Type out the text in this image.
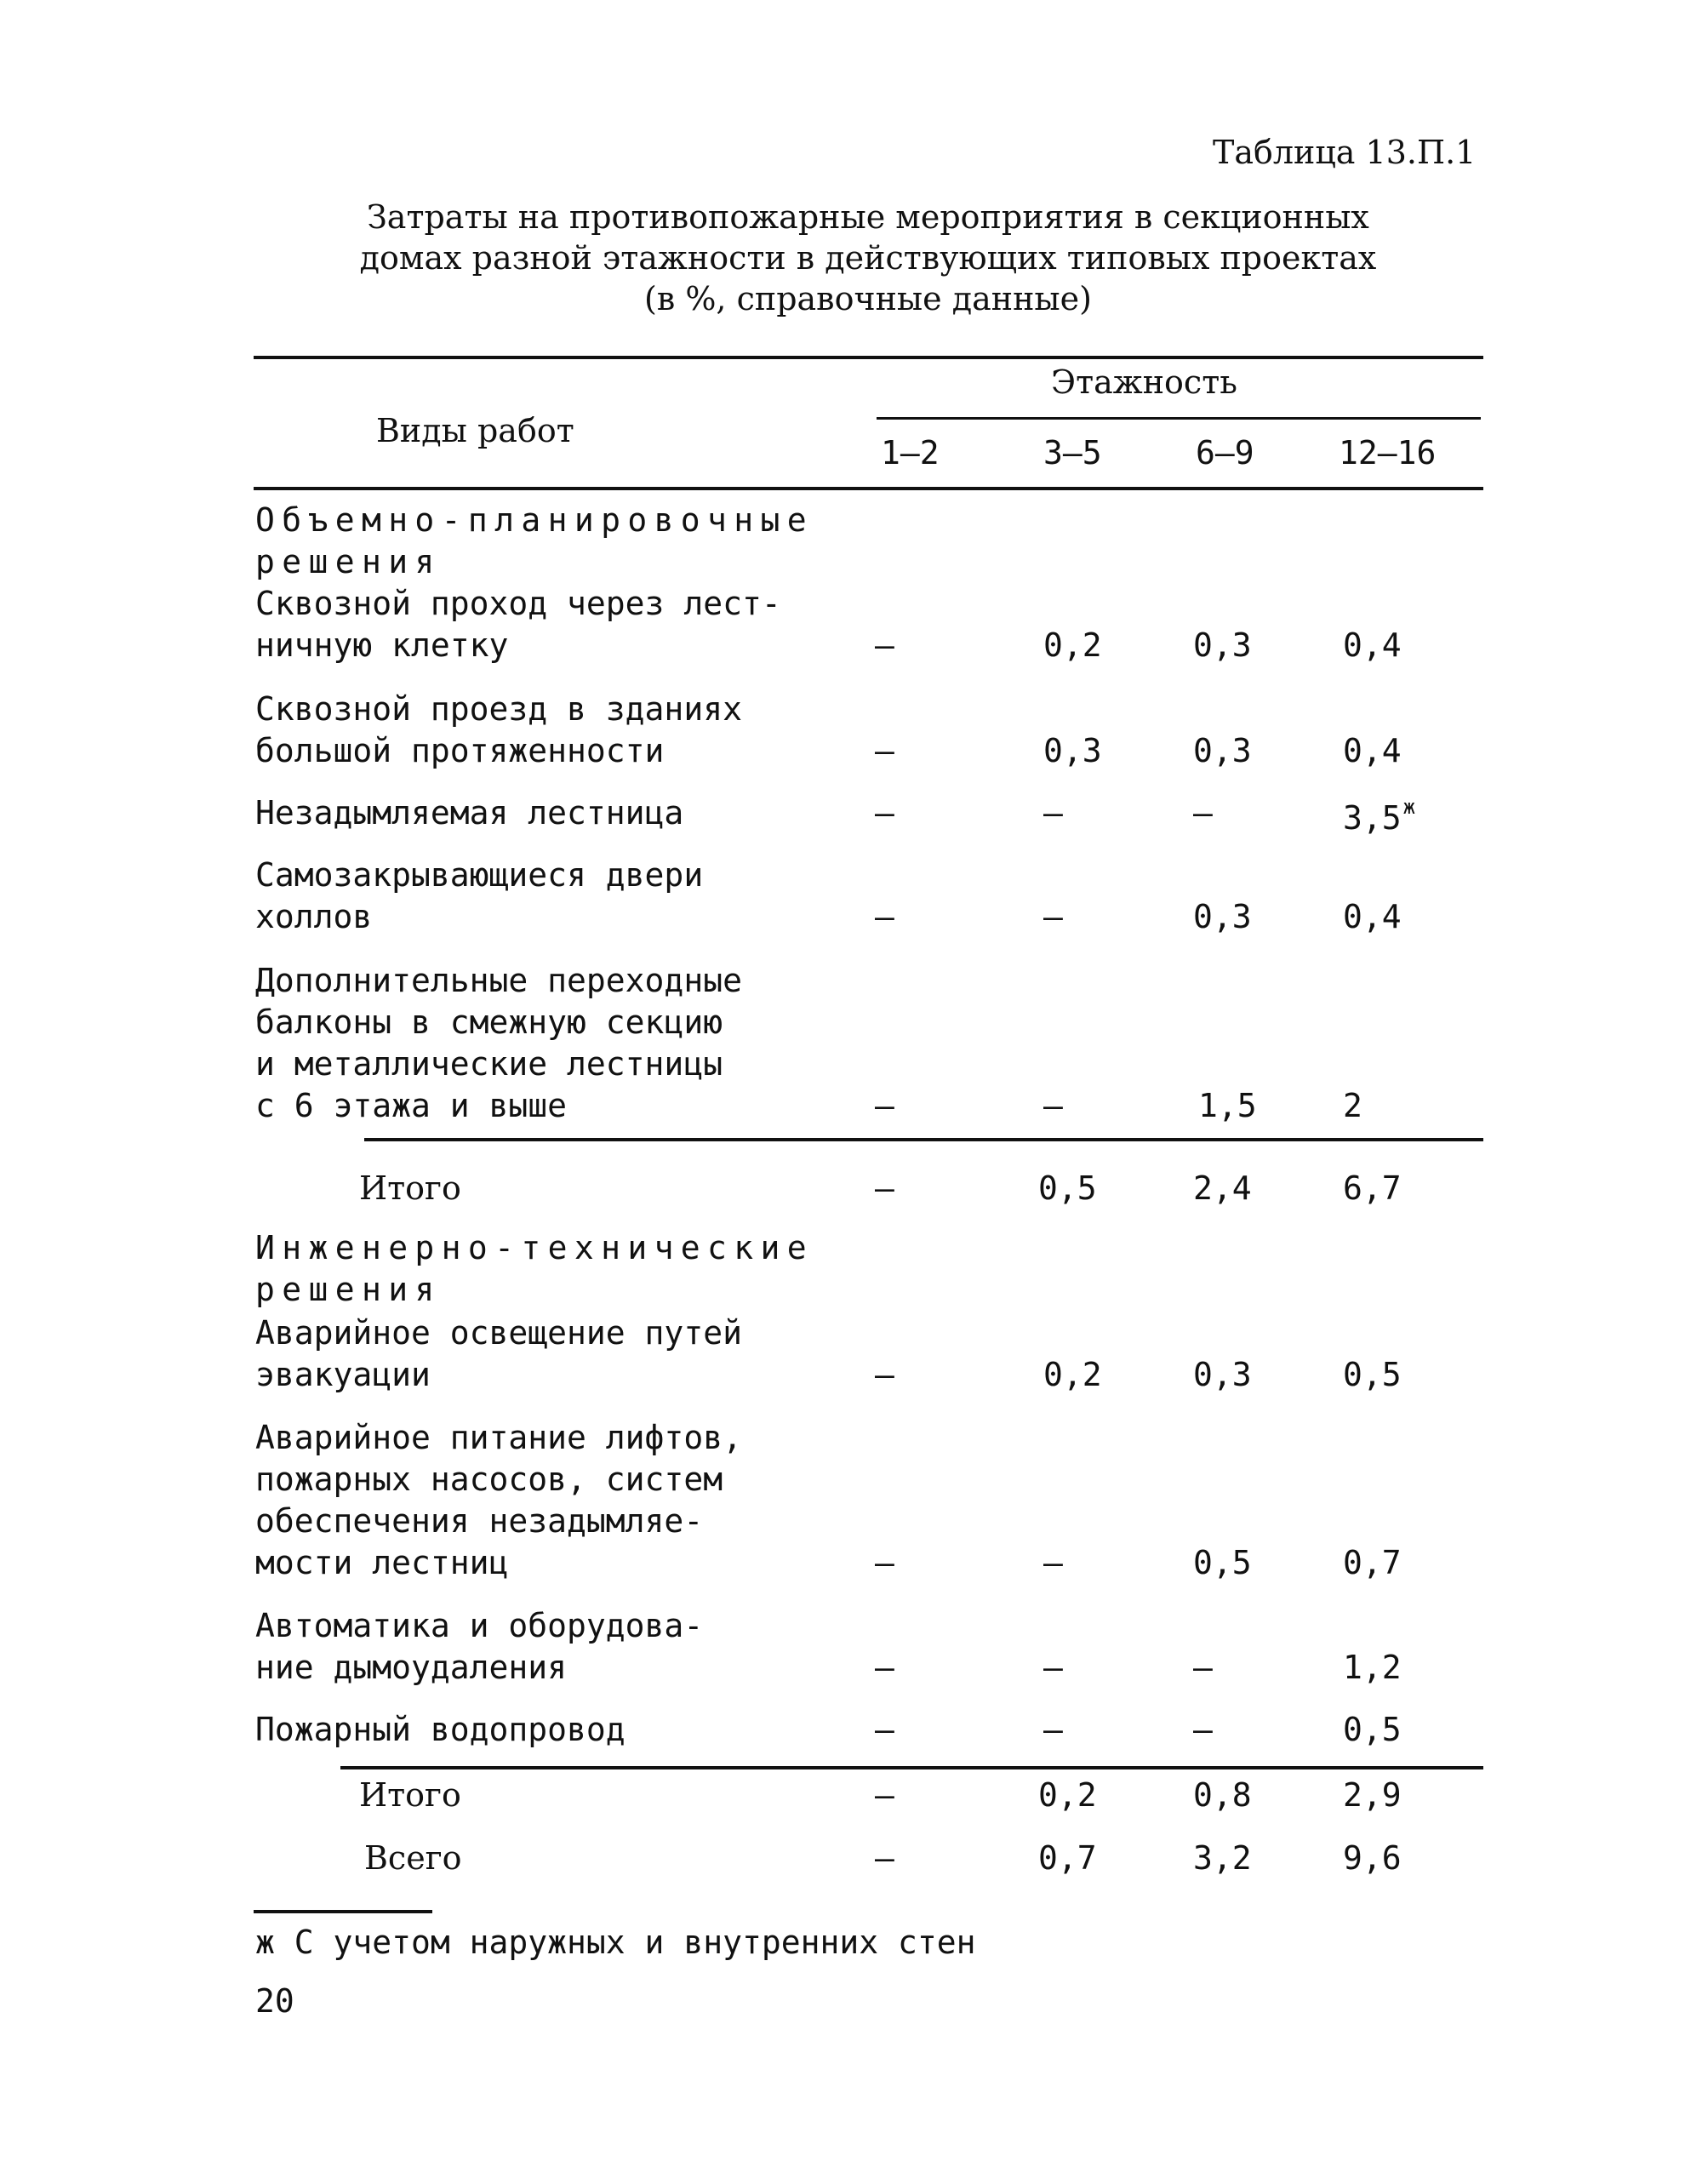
Таблица 13.П.1
Затраты на противопожарные мероприятия в секционных
домах разной этажности в действующих типовых проектах
(в %, справочные данные)
Виды работ
Этажность
1–2	3–5	6–9	12–16
Объемно-планировочные
решения
Сквозной проход через лест-
ничную клетку	–	0,2	0,3	0,4
Сквозной проезд в зданиях
большой протяженности	–	0,3	0,3	0,4
Незадымляемая лестница	–	–	–	$3,5^ж$
Самозакрывающиеся двери
холлов	–	–	0,3	0,4
Дополнительные переходные
балконы в смежную секцию
и металлические лестницы
с 6 этажа и выше	–	–	1,5	2
Итого	–	0,5	2,4	6,7
Инженерно-технические
решения
Аварийное освещение путей
эвакуации	–	0,2	0,3	0,5
Аварийное питание лифтов,
пожарных насосов, систем
обеспечения незадымляе-
мости лестниц	–	–	0,5	0,7
Автоматика и оборудова-
ние дымоудаления	–	–	–	1,2
Пожарный водопровод	–	–	–	0,5
Итого	–	0,2	0,8	2,9
Всего	–	0,7	3,2	9,6
ж С учетом наружных и внутренних стен
20
